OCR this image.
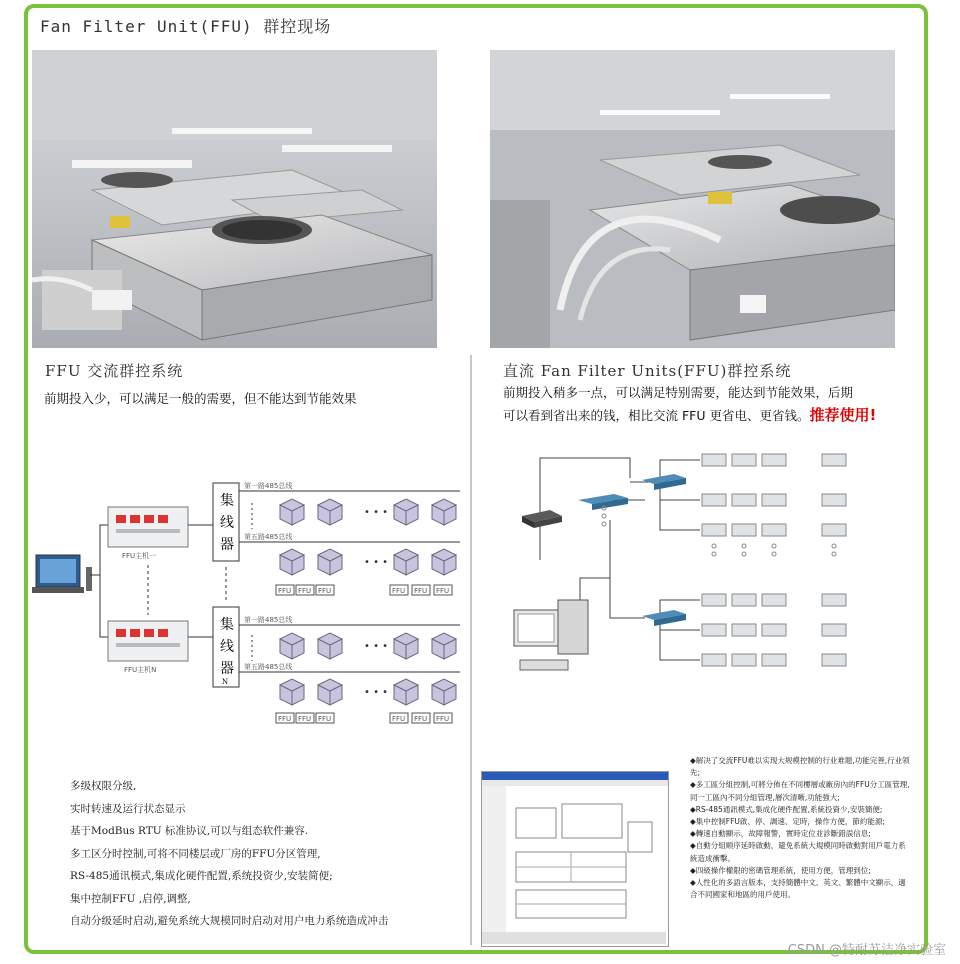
Fan Filter Unit(FFU) 群控现场
FFU 交流群控系统
前期投入少，可以满足一般的需要，但不能达到节能效果
FFU主机一
FFU主机N
集
线
器
集
线
器
N
第一路485总线
第五路485总线
第一路485总线
第五路485总线
• • •
• • •
• • •
• • •
FFU FFU FFU	FFU FFU FFU
FFU FFU FFU	FFU FFU FFU
多级权限分级,
实时转速及运行状态显示
基于ModBus RTU 标准协议,可以与组态软件兼容.
多工区分时控制,可将不同楼层或厂房的FFU分区管理,
RS-485通讯模式,集成化硬件配置,系统投资少,安装简便;
集中控制FFU ,启停,调整,
自动分级延时启动,避免系统大规模同时启动对用户电力系统造成冲击
直流 Fan Filter Units(FFU)群控系统
前期投入稍多一点，可以满足特别需要，能达到节能效果，后期
可以看到省出来的钱，相比交流 FFU 更省电、更省钱。推荐使用!
◆解决了交流FFU难以实现大规模控制的行业难题,功能完善,行业领先;
◆多工區分組控制,可將分佈在不同樓層或廠房內的FFU分工區管理,同一工區內不同分組管理,層次清晰,功能強大;
◆RS-485通訊模式,集成化硬件配置,系統投資少,安裝簡便;
◆集中控制FFU啟、停、調速、定時，操作方便，節約能源;
◆轉速自動顯示，故障報警，實時定位並診斷錯誤信息;
◆自動分組順序延時啟動，避免系統大規模同時啟動對用戶電力系統造成衝擊。
◆四級操作權限的密碼管理系統，使用方便，管理到位;
◆人性化的多語言版本，支持簡體中文、英文、繁體中文顯示，適合不同國家和地區的用戶使用。
CSDN @特耐苏洁净实验室
